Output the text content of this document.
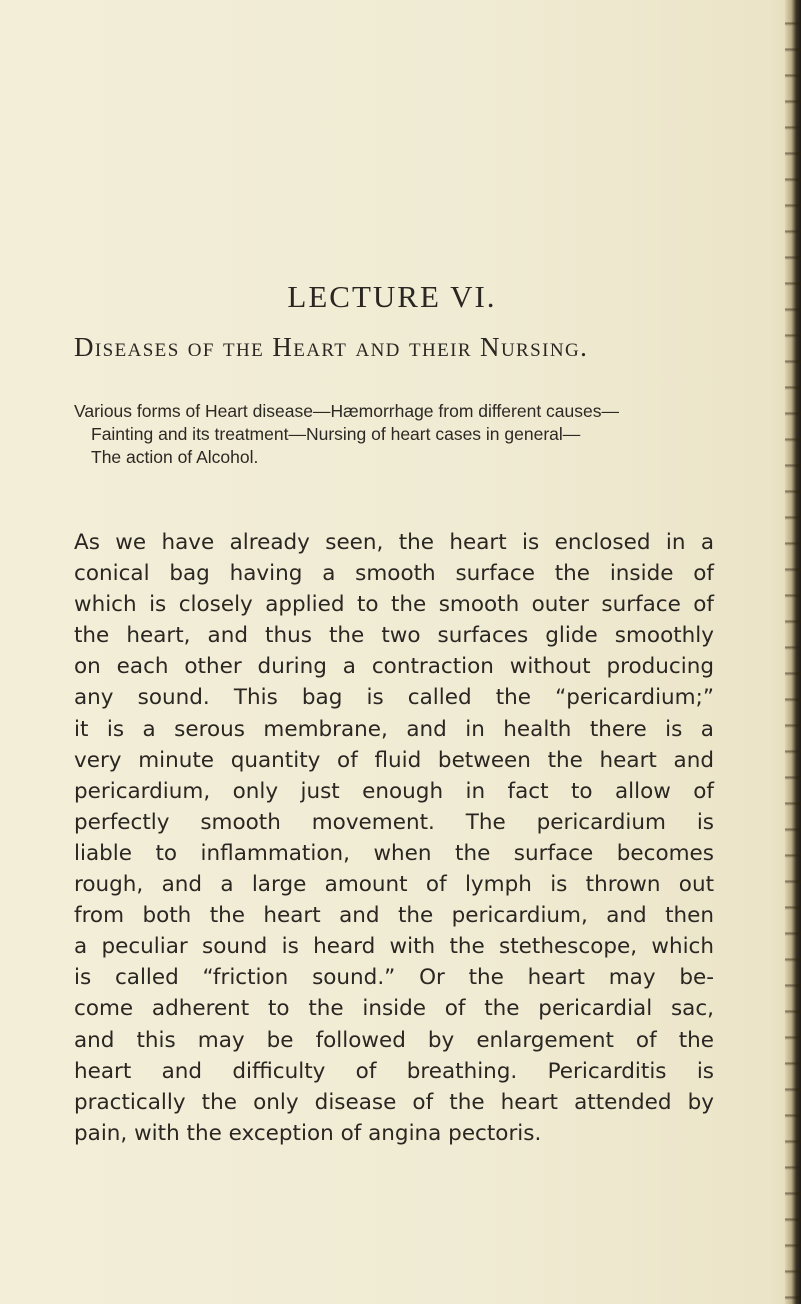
LECTURE VI.
Diseases of the Heart and their Nursing.
Various forms of Heart disease—Hæmorrhage from different causes—
Fainting and its treatment—Nursing of heart cases in general—
The action of Alcohol.
As we have already seen, the heart is enclosed in a
conical bag having a smooth surface the inside of
which is closely applied to the smooth outer surface of
the heart, and thus the two surfaces glide smoothly
on each other during a contraction without producing
any sound. This bag is called the “pericardium;”
it is a serous membrane, and in health there is a
very minute quantity of fluid between the heart and
pericardium, only just enough in fact to allow of
perfectly smooth movement. The pericardium is
liable to inflammation, when the surface becomes
rough, and a large amount of lymph is thrown out
from both the heart and the pericardium, and then
a peculiar sound is heard with the stethescope, which
is called “friction sound.” Or the heart may be-
come adherent to the inside of the pericardial sac,
and this may be followed by enlargement of the
heart and difficulty of breathing. Pericarditis is
practically the only disease of the heart attended by
pain, with the exception of angina pectoris.
